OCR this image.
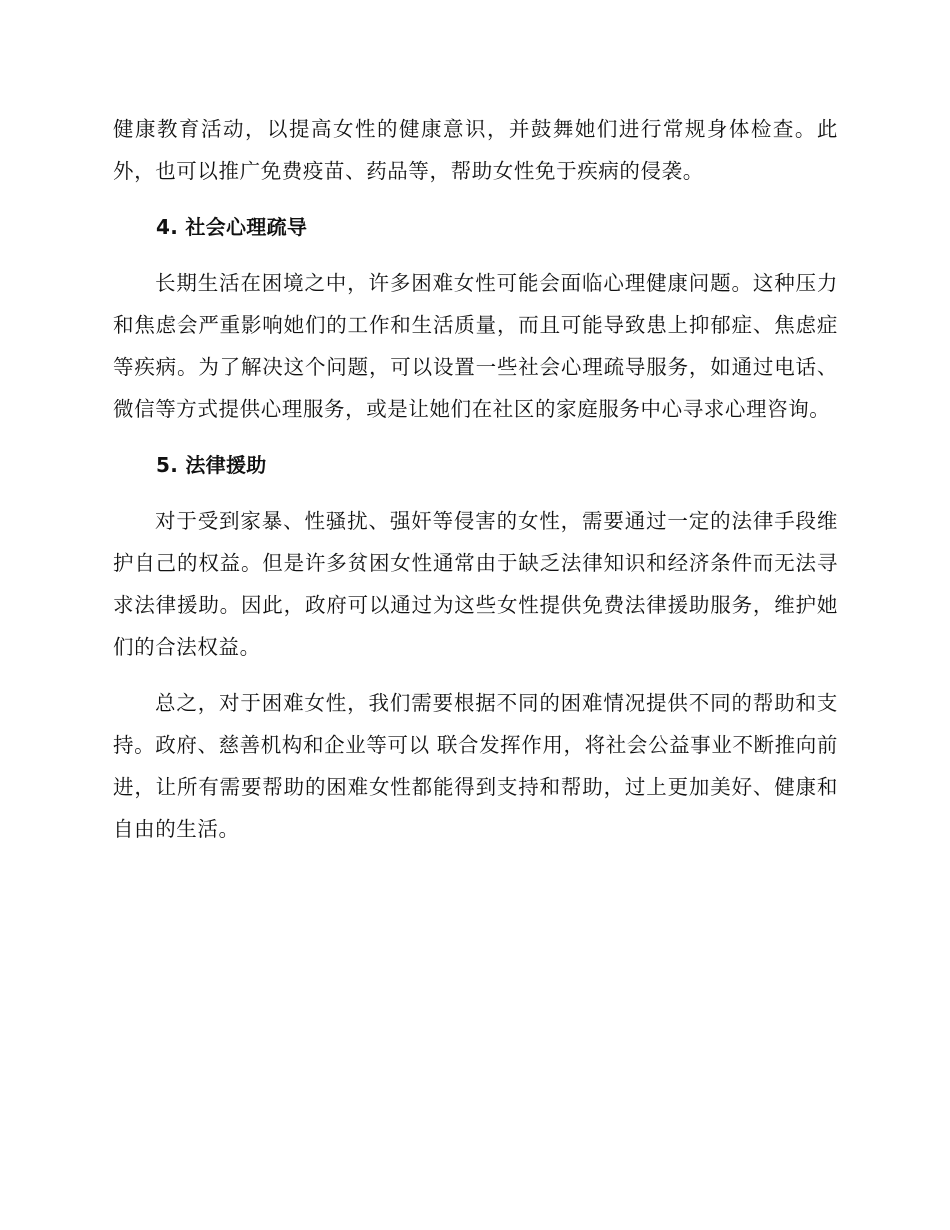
健康教育活动，以提高女性的健康意识，并鼓舞她们进行常规身体检查。此外，也可以推广免费疫苗、药品等，帮助女性免于疾病的侵袭。

4. 社会心理疏导

长期生活在困境之中，许多困难女性可能会面临心理健康问题。这种压力和焦虑会严重影响她们的工作和生活质量，而且可能导致患上抑郁症、焦虑症等疾病。为了解决这个问题，可以设置一些社会心理疏导服务，如通过电话、微信等方式提供心理服务，或是让她们在社区的家庭服务中心寻求心理咨询。

5. 法律援助

对于受到家暴、性骚扰、强奸等侵害的女性，需要通过一定的法律手段维护自己的权益。但是许多贫困女性通常由于缺乏法律知识和经济条件而无法寻求法律援助。因此，政府可以通过为这些女性提供免费法律援助服务，维护她们的合法权益。

总之，对于困难女性，我们需要根据不同的困难情况提供不同的帮助和支持。政府、慈善机构和企业等可以 联合发挥作用，将社会公益事业不断推向前进，让所有需要帮助的困难女性都能得到支持和帮助，过上更加美好、健康和自由的生活。
